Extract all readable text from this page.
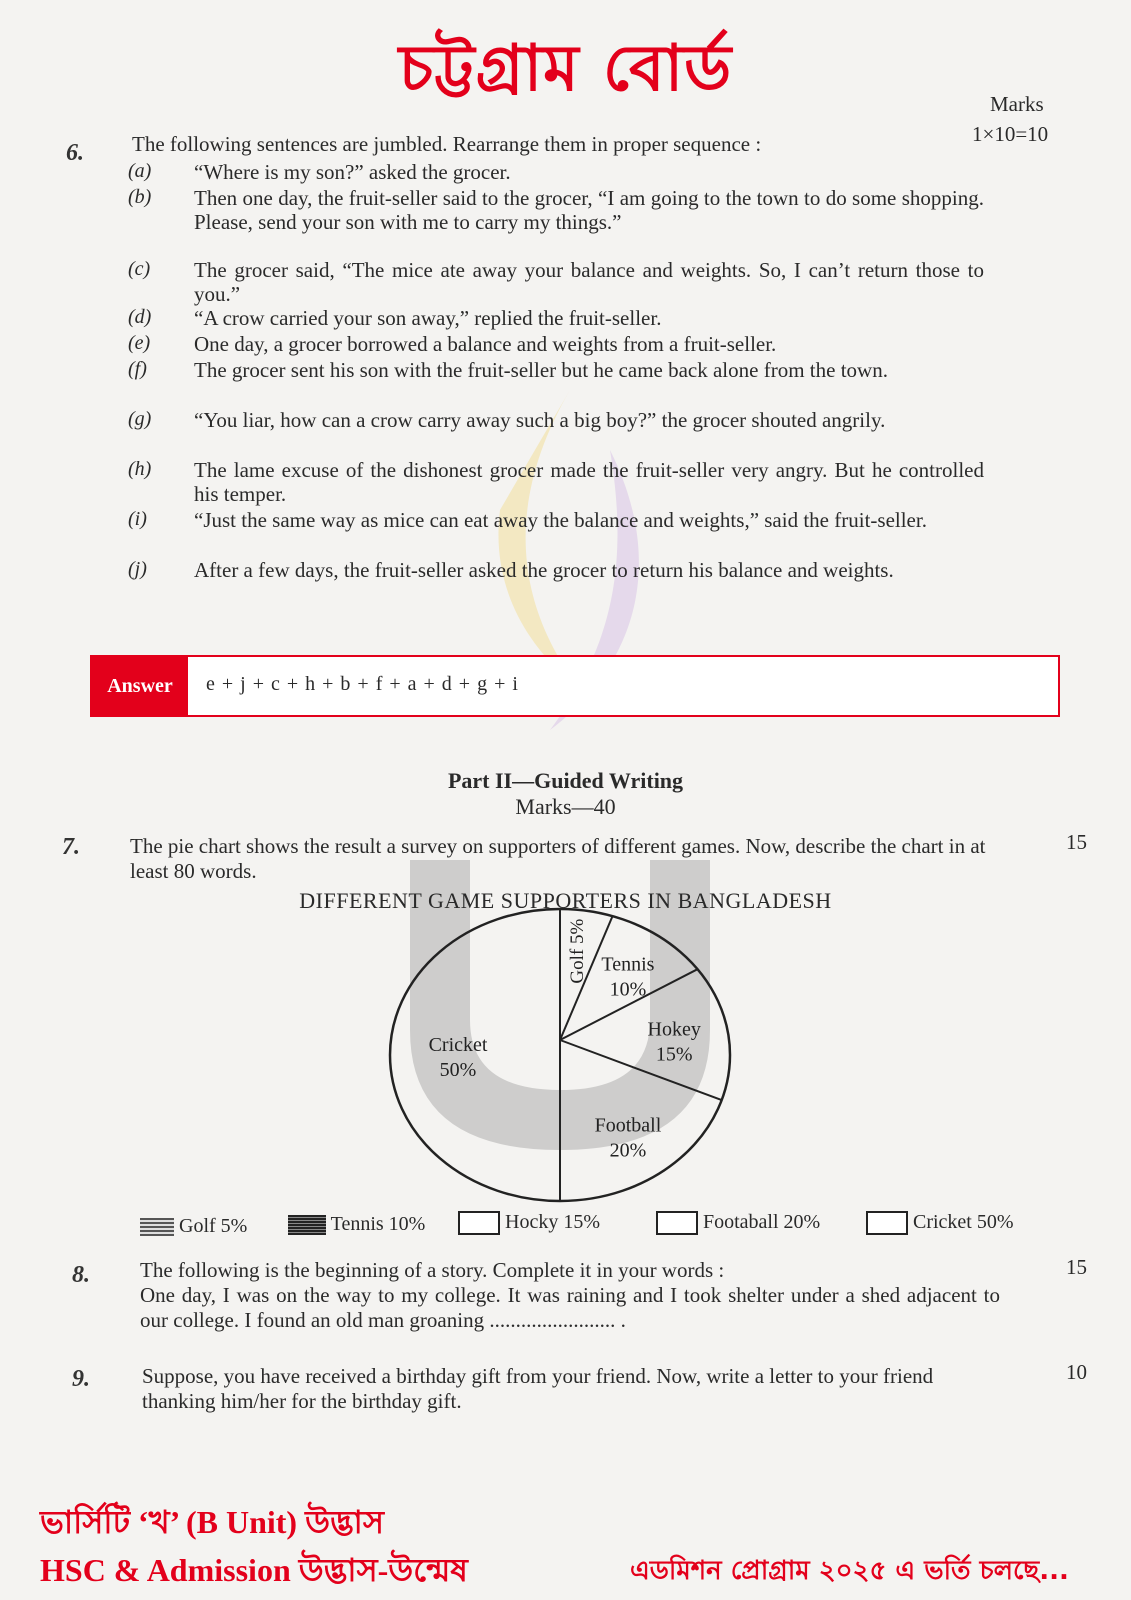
চট্টগ্রাম বোর্ড	Marks
6. The following sentences are jumbled. Rearrange them in proper sequence :	1×10=10
(a) “Where is my son?” asked the grocer.
(b) Then one day, the fruit-seller said to the grocer, “I am going to the town to do some shopping. Please, send your son with me to carry my things.”
(c) The grocer said, “The mice ate away your balance and weights. So, I can’t return those to you.”
(d) “A crow carried your son away,” replied the fruit-seller.
(e) One day, a grocer borrowed a balance and weights from a fruit-seller.
(f) The grocer sent his son with the fruit-seller but he came back alone from the town.
(g) “You liar, how can a crow carry away such a big boy?” the grocer shouted angrily.
(h) The lame excuse of the dishonest grocer made the fruit-seller very angry. But he controlled his temper.
(i) “Just the same way as mice can eat away the balance and weights,” said the fruit-seller.
(j) After a few days, the fruit-seller asked the grocer to return his balance and weights.
Answer	e + j + c + h + b + f + a + d + g + i
Part II—Guided Writing
Marks—40
7. The pie chart shows the result a survey on supporters of different games. Now, describe the chart in at least 80 words.
15
DIFFERENT GAME SUPPORTERS IN BANGLADESH
Golf 5% Tennis
10%
Hokey
15%
Football
20%
Cricket
50%
Golf 5%	Tennis 10%	Hocky 15%	Footaball 20%	Cricket 50%
8. The following is the beginning of a story. Complete it in your words :
One day, I was on the way to my college. It was raining and I took shelter under a shed adjacent to our college. I found an old man groaning ........................ .
15
9. Suppose, you have received a birthday gift from your friend. Now, write a letter to your friend thanking him/her for the birthday gift.
10
ভার্সিটি ‘খ’ (B Unit) উদ্ভাস
HSC & Admission উদ্ভাস-উন্মেষ	এডমিশন প্রোগ্রাম ২০২৫ এ ভর্তি চলছে...
